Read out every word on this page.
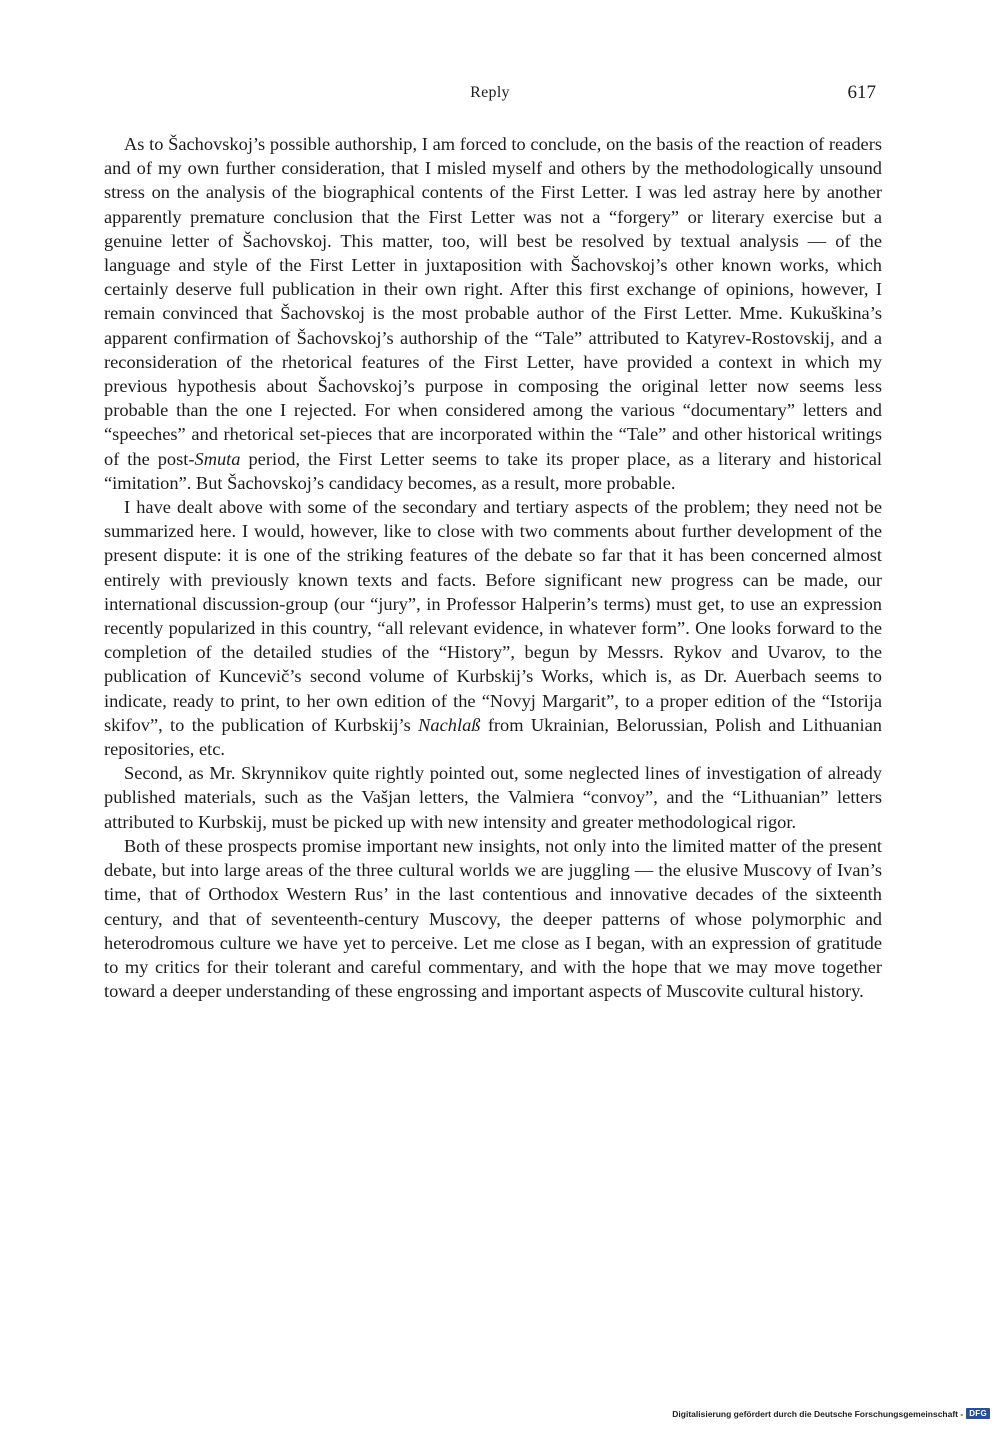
Reply	617

As to Šachovskoj’s possible authorship, I am forced to conclude, on the basis of the reaction of readers and of my own further consideration, that I misled myself and others by the methodologically unsound stress on the analysis of the biographical contents of the First Letter. I was led astray here by another apparently premature conclusion that the First Letter was not a “forgery” or literary exercise but a genuine letter of Šachovskoj. This matter, too, will best be resolved by textual analysis — of the language and style of the First Letter in juxtaposition with Šachovskoj’s other known works, which certainly deserve full publication in their own right. After this first exchange of opinions, however, I remain convinced that Šachovskoj is the most probable author of the First Letter. Mme. Kukuškina’s apparent confirmation of Šachovskoj’s authorship of the “Tale” attributed to Katyrev-Rostovskij, and a reconsideration of the rhetorical features of the First Letter, have provided a context in which my previous hypothesis about Šachovskoj’s purpose in composing the original letter now seems less probable than the one I rejected. For when considered among the various “documentary” letters and “speeches” and rhetorical set-pieces that are incorporated within the “Tale” and other historical writings of the post-Smuta period, the First Letter seems to take its proper place, as a literary and historical “imitation”. But Šachovskoj’s candidacy becomes, as a result, more probable.

I have dealt above with some of the secondary and tertiary aspects of the problem; they need not be summarized here. I would, however, like to close with two comments about further development of the present dispute: it is one of the striking features of the debate so far that it has been concerned almost entirely with previously known texts and facts. Before significant new progress can be made, our international discussion-group (our “jury”, in Professor Halperin’s terms) must get, to use an expression recently popularized in this country, “all relevant evidence, in whatever form”. One looks forward to the completion of the detailed studies of the “History”, begun by Messrs. Rykov and Uvarov, to the publication of Kuncevič’s second volume of Kurbskij’s Works, which is, as Dr. Auerbach seems to indicate, ready to print, to her own edition of the “Novyj Margarit”, to a proper edition of the “Istorija skifov”, to the publication of Kurbskij’s Nachlaß from Ukrainian, Belorussian, Polish and Lithuanian repositories, etc.

Second, as Mr. Skrynnikov quite rightly pointed out, some neglected lines of investigation of already published materials, such as the Vašjan letters, the Valmiera “convoy”, and the “Lithuanian” letters attributed to Kurbskij, must be picked up with new intensity and greater methodological rigor.

Both of these prospects promise important new insights, not only into the limited matter of the present debate, but into large areas of the three cultural worlds we are juggling — the elusive Muscovy of Ivan’s time, that of Orthodox Western Rus’ in the last contentious and innovative decades of the sixteenth century, and that of seventeenth-century Muscovy, the deeper patterns of whose polymorphic and heterodromous culture we have yet to perceive. Let me close as I began, with an expression of gratitude to my critics for their tolerant and careful commentary, and with the hope that we may move together toward a deeper understanding of these engrossing and important aspects of Muscovite cultural history.

Digitalisierung gefördert durch die Deutsche Forschungsgemeinschaft - DFG
